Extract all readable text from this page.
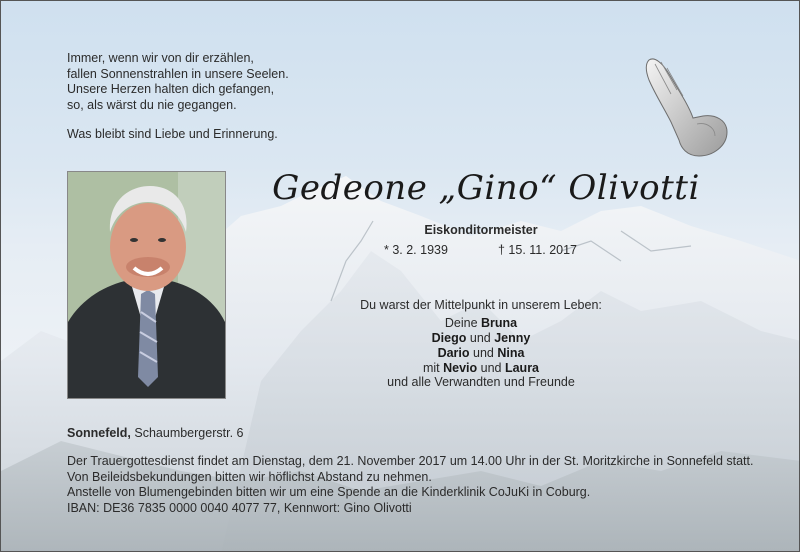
Immer, wenn wir von dir erzählen,

fallen Sonnenstrahlen in unsere Seelen.

Unsere Herzen halten dich gefangen,

so, als wärst du nie gegangen.

Was bleibt sind Liebe und Erinnerung.

Gedeone „Gino“ Olivotti
Eiskonditormeister
* 3. 2. 1939	† 15. 11. 2017
Du warst der Mittelpunkt in unserem Leben:
Deine Bruna
Diego und Jenny
Dario und Nina
mit Nevio und Laura
und alle Verwandten und Freunde
Sonnefeld, Schaumbergerstr. 6

Der Trauergottesdienst findet am Dienstag, dem 21. November 2017 um 14.00 Uhr in der St. Moritzkirche in Sonnefeld statt.

Von Beileidsbekundungen bitten wir höflichst Abstand zu nehmen.

Anstelle von Blumengebinden bitten wir um eine Spende an die Kinderklinik CoJuKi in Coburg.

IBAN: DE36 7835 0000 0040 4077 77, Kennwort: Gino Olivotti
